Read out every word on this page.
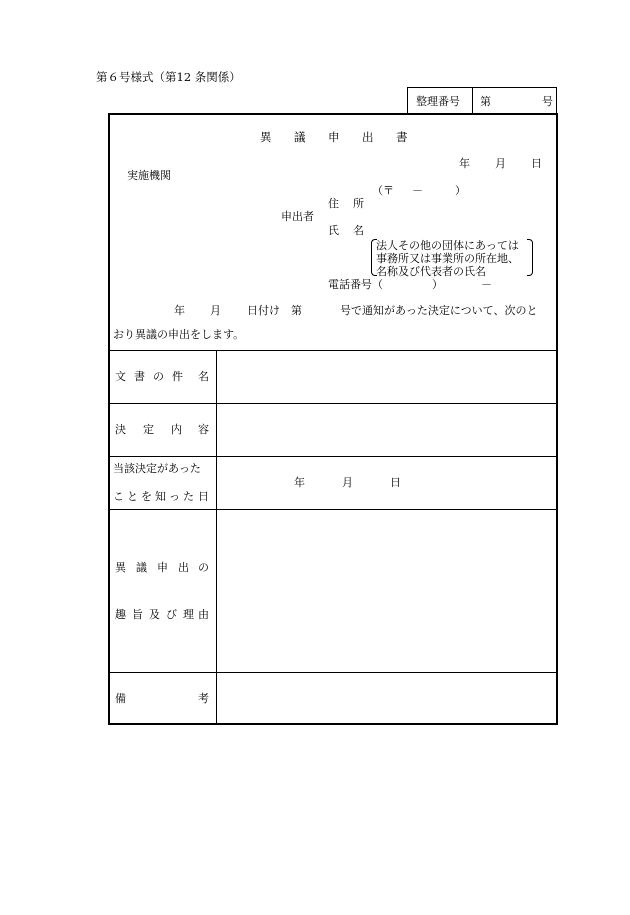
第６号様式（第12 条関係）
整理番号 第	号
異 議 申 出 書
年 月 日
実施機関
（〒 －	）
住 所
申出者
氏 名
法人その他の団体にあっては
事務所又は事業所の所在地、
名称及び代表者の氏名
電話番号（	）	－
年 月 日付け 第	号で通知があった決定について、次のと
おり異議の申出をします。
文 書 の 件 名
決 定 内 容
当該決定があった
こ と を 知 っ た 日
年	月	日
異 議 申 出 の
趣 旨 及 び 理 由
備	考
